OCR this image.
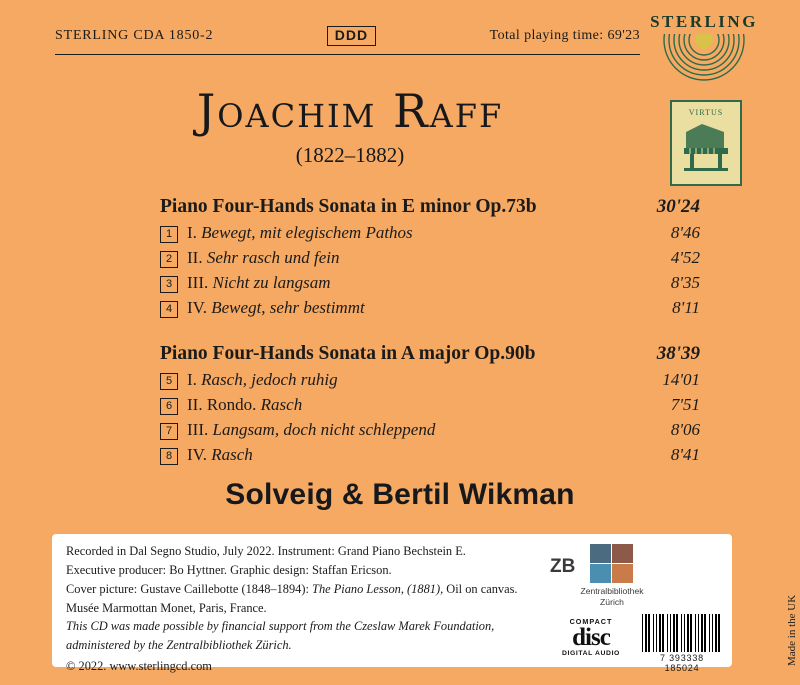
STERLING CDA 1850-2	DDD	Total playing time: 69'23
STERLING
VIRTUS
Joachim Raff
(1822–1882)
Piano Four-Hands Sonata in E minor Op.73b	30'24
1 I. Bewegt, mit elegischem Pathos	8'46
2 II. Sehr rasch und fein	4'52
3 III. Nicht zu langsam	8'35
4 IV. Bewegt, sehr bestimmt	8'11
Piano Four-Hands Sonata in A major Op.90b	38'39
5 I. Rasch, jedoch ruhig	14'01
6 II. Rondo. Rasch	7'51
7 III. Langsam, doch nicht schleppend	8'06
8 IV. Rasch	8'41
Solveig & Bertil Wikman
Recorded in Dal Segno Studio, July 2022. Instrument: Grand Piano Bechstein E.
Executive producer: Bo Hyttner. Graphic design: Staffan Ericson.
Cover picture: Gustave Caillebotte (1848–1894): The Piano Lesson, (1881), Oil on canvas.
Musée Marmottan Monet, Paris, France.
This CD was made possible by financial support from the Czeslaw Marek Foundation,
administered by the Zentralbibliothek Zürich.
© 2022. www.sterlingcd.com
ZB
Zentralbibliothek
Zürich
COMPACT
disc
DIGITAL AUDIO	7 393338 185024
Made in the UK
